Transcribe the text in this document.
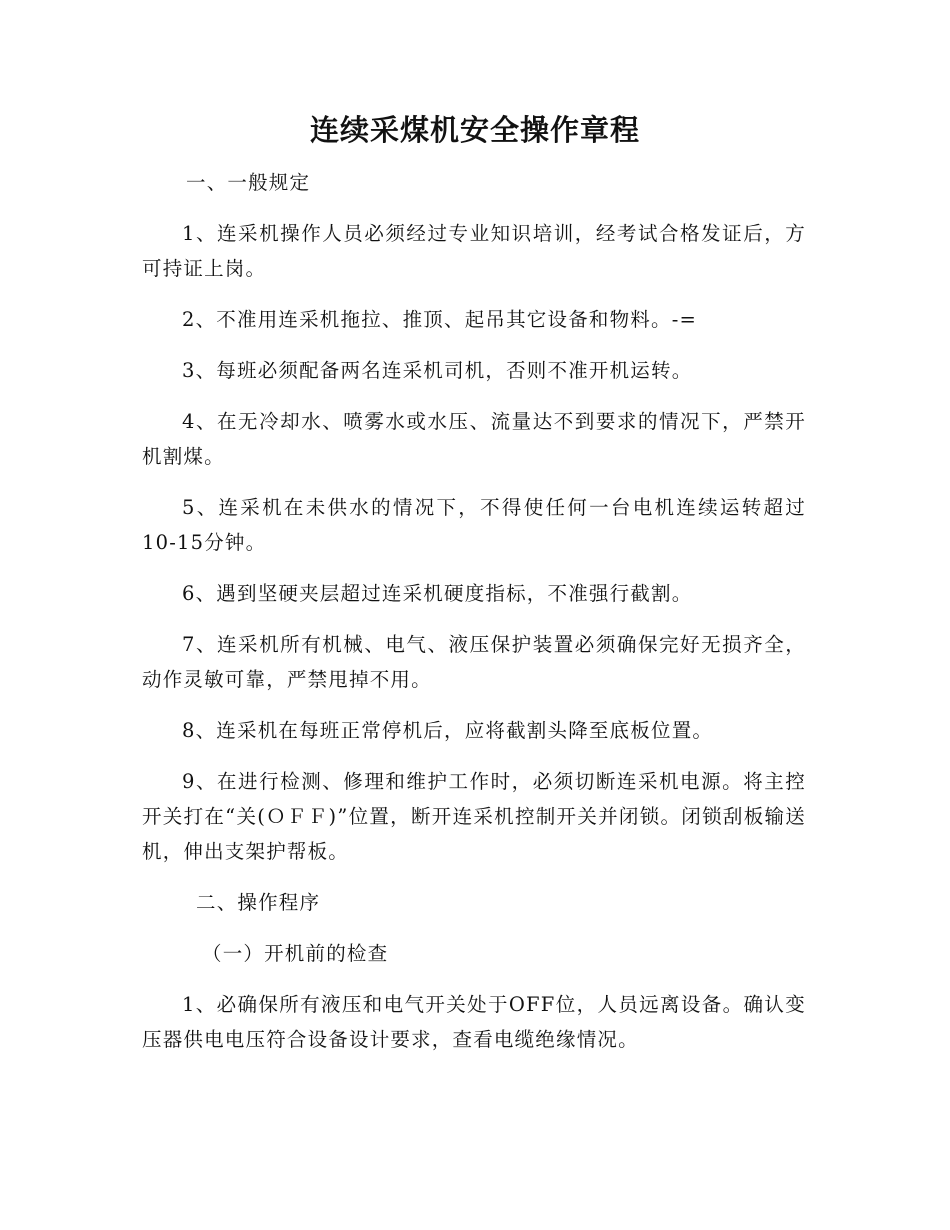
连续采煤机安全操作章程

一、一般规定

1、连采机操作人员必须经过专业知识培训，经考试合格发证后，方可持证上岗。

2、不准用连采机拖拉、推顶、起吊其它设备和物料。-=

3、每班必须配备两名连采机司机，否则不准开机运转。

4、在无冷却水、喷雾水或水压、流量达不到要求的情况下，严禁开机割煤。

5、连采机在未供水的情况下，不得使任何一台电机连续运转超过10-15分钟。

6、遇到坚硬夹层超过连采机硬度指标，不准强行截割。

7、连采机所有机械、电气、液压保护装置必须确保完好无损齐全，动作灵敏可靠，严禁甩掉不用。

8、连采机在每班正常停机后，应将截割头降至底板位置。

9、在进行检测、修理和维护工作时，必须切断连采机电源。将主控开关打在“关(ＯＦＦ)”位置，断开连采机控制开关并闭锁。闭锁刮板输送机，伸出支架护帮板。

二、操作程序

（一）开机前的检查

1、必确保所有液压和电气开关处于OFF位，人员远离设备。确认变压器供电电压符合设备设计要求，查看电缆绝缘情况。
